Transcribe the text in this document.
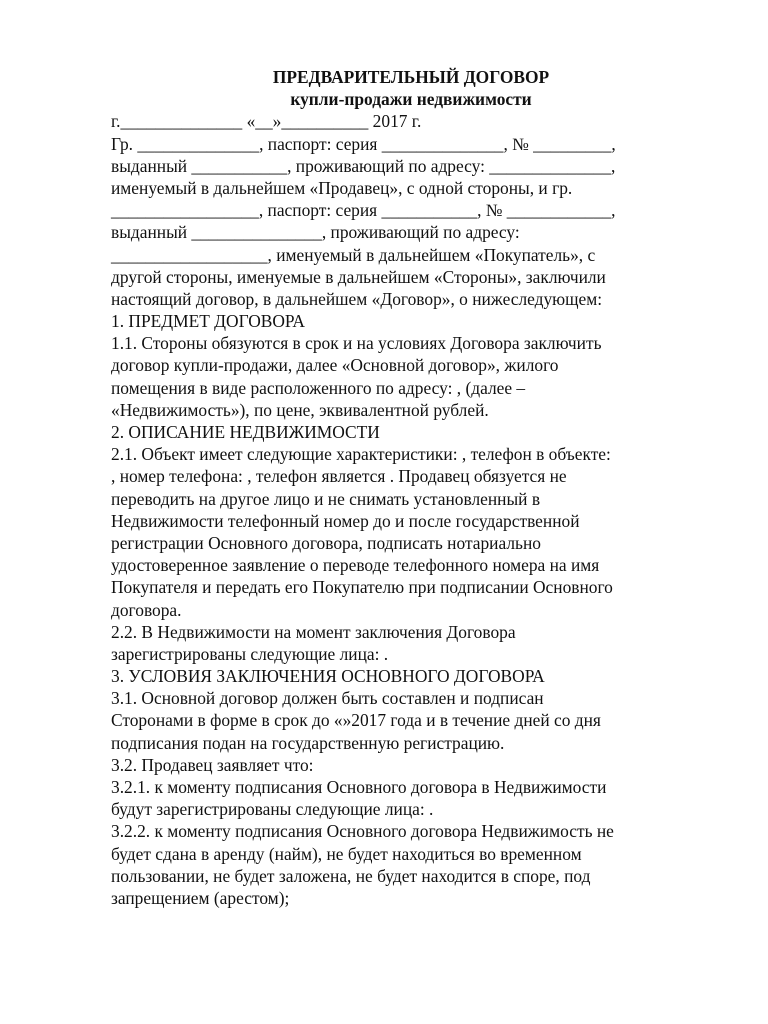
ПРЕДВАРИТЕЛЬНЫЙ ДОГОВОР
купли-продажи недвижимости
г.______________ «__»__________ 2017 г.
Гр. ______________, паспорт: серия ______________, № _________,
выданный ___________, проживающий по адресу: ______________,
именуемый в дальнейшем «Продавец», с одной стороны, и гр.
_________________, паспорт: серия ___________, № ____________,
выданный _______________, проживающий по адресу:
__________________, именуемый в дальнейшем «Покупатель», с
другой стороны, именуемые в дальнейшем «Стороны», заключили
настоящий договор, в дальнейшем «Договор», о нижеследующем:
1. ПРЕДМЕТ ДОГОВОРА
1.1. Стороны обязуются в срок и на условиях Договора заключить
договор купли-продажи, далее «Основной договор», жилого
помещения в виде расположенного по адресу: , (далее –
«Недвижимость»), по цене, эквивалентной рублей.
2. ОПИСАНИЕ НЕДВИЖИМОСТИ
2.1. Объект имеет следующие характеристики: , телефон в объекте:
, номер телефона: , телефон является . Продавец обязуется не
переводить на другое лицо и не снимать установленный в
Недвижимости телефонный номер до и после государственной
регистрации Основного договора, подписать нотариально
удостоверенное заявление о переводе телефонного номера на имя
Покупателя и передать его Покупателю при подписании Основного
договора.
2.2. В Недвижимости на момент заключения Договора
зарегистрированы следующие лица: .
3. УСЛОВИЯ ЗАКЛЮЧЕНИЯ ОСНОВНОГО ДОГОВОРА
3.1. Основной договор должен быть составлен и подписан
Сторонами в форме в срок до «»2017 года и в течение дней со дня
подписания подан на государственную регистрацию.
3.2. Продавец заявляет что:
3.2.1. к моменту подписания Основного договора в Недвижимости
будут зарегистрированы следующие лица: .
3.2.2. к моменту подписания Основного договора Недвижимость не
будет сдана в аренду (найм), не будет находиться во временном
пользовании, не будет заложена, не будет находится в споре, под
запрещением (арестом);
